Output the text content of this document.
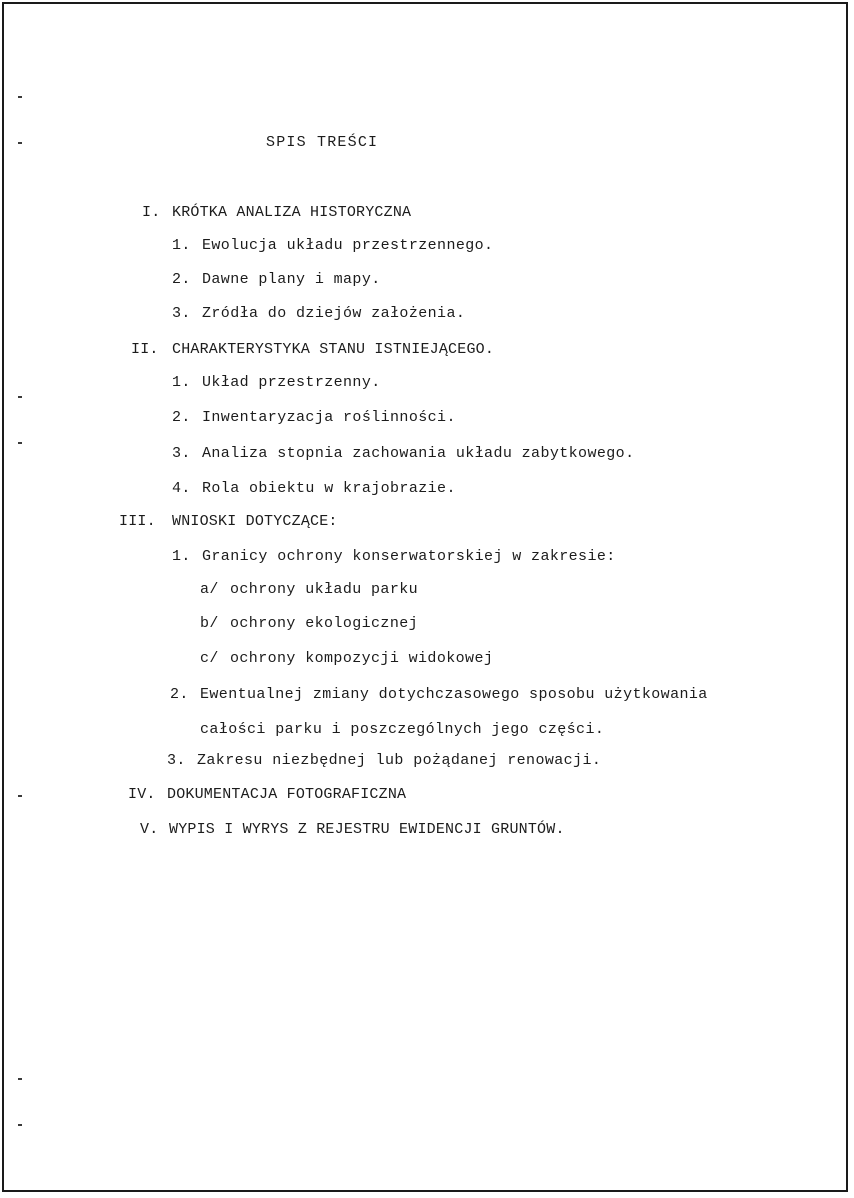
SPIS TREŚCI
I. KRÓTKA ANALIZA HISTORYCZNA
1. Ewolucja układu przestrzennego.
2. Dawne plany i mapy.
3. Zródła do dziejów założenia.
II. CHARAKTERYSTYKA STANU ISTNIEJĄCEGO.
1. Układ przestrzenny.
2. Inwentaryzacja roślinności.
3. Analiza stopnia zachowania układu zabytkowego.
4. Rola obiektu w krajobrazie.
III. WNIOSKI DOTYCZĄCE:
1. Granicy ochrony konserwatorskiej w zakresie:
a/ ochrony układu parku
b/ ochrony ekologicznej
c/ ochrony kompozycji widokowej
2. Ewentualnej zmiany dotychczasowego sposobu użytkowania
całości parku i poszczególnych jego części.
3. Zakresu niezbędnej lub pożądanej renowacji.
IV. DOKUMENTACJA FOTOGRAFICZNA
V. WYPIS I WYRYS Z REJESTRU EWIDENCJI GRUNTÓW.
